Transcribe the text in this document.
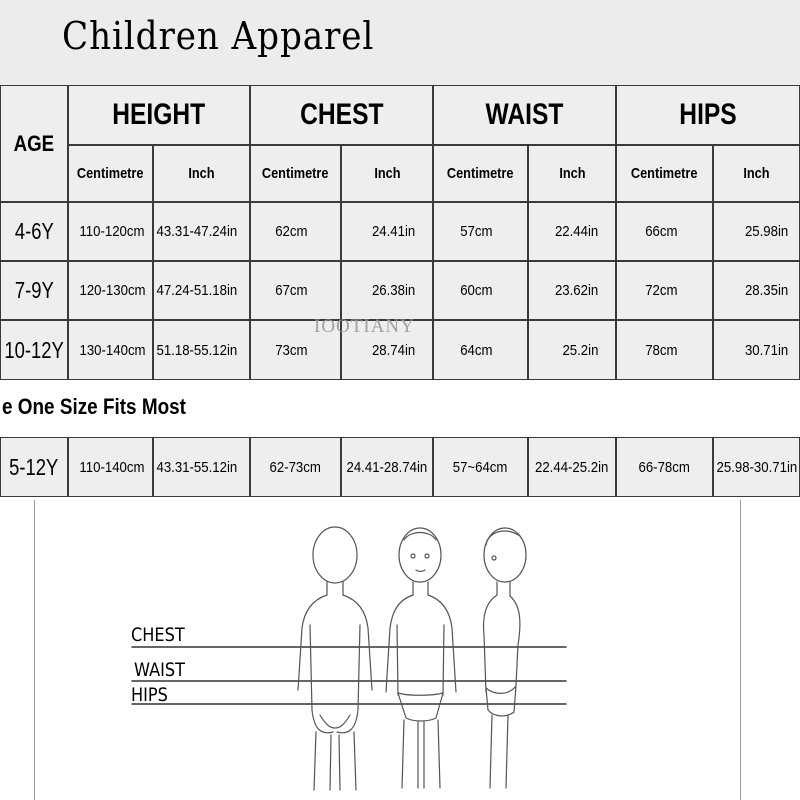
Children Apparel
AGE
HEIGHT	CHEST	WAIST	HIPS
Centimetre	Inch	Centimetre	Inch	Centimetre	Inch	Centimetre	Inch
4-6Y 110-120cm 43.31-47.24in	62cm	24.41in	57cm	22.44in	66cm	25.98in
7-9Y 120-130cm 47.24-51.18in	67cm	26.38in	60cm	23.62in	72cm	28.35in
10-12Y 130-140cm 51.18-55.12in	73cm	28.74in	64cm	25.2in	78cm	30.71in
e One Size Fits Most
5-12Y 110-140cm 43.31-55.12in 62-73cm 24.41-28.74in 57~64cm 22.44-25.2in 66-78cm 25.98-30.71in
IOOTIANY
CHEST
WAIST
HIPS
